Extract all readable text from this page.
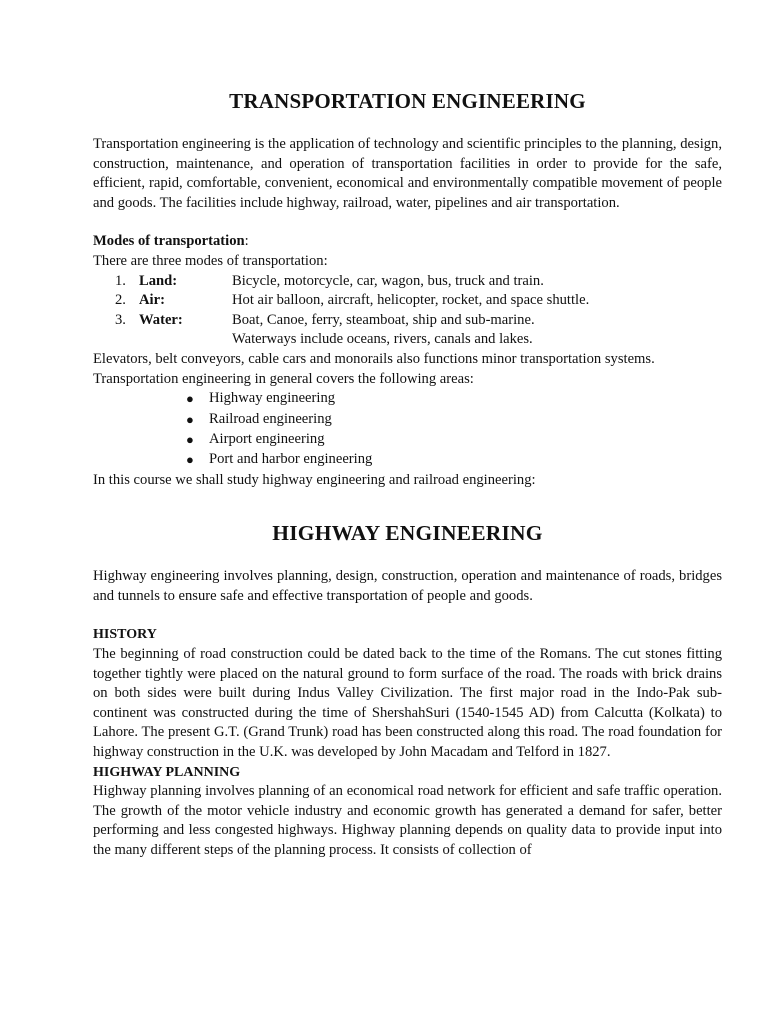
TRANSPORTATION ENGINEERING

Transportation engineering is the application of technology and scientific principles to the planning, design, construction, maintenance, and operation of transportation facilities in order to provide for the safe, efficient, rapid, comfortable, convenient, economical and environmentally compatible movement of people and goods. The facilities include highway, railroad, water, pipelines and air transportation.

Modes of transportation:
There are three modes of transportation:
1. Land:	Bicycle, motorcycle, car, wagon, bus, truck and train.
2. Air:	Hot air balloon, aircraft, helicopter, rocket, and space shuttle.
3. Water:	Boat, Canoe, ferry, steamboat, ship and sub-marine.
Waterways include oceans, rivers, canals and lakes.
Elevators, belt conveyors, cable cars and monorails also functions minor transportation systems.
Transportation engineering in general covers the following areas:
● Highway engineering
● Railroad engineering
● Airport engineering
● Port and harbor engineering
In this course we shall study highway engineering and railroad engineering:
HIGHWAY ENGINEERING

Highway engineering involves planning, design, construction, operation and maintenance of roads, bridges and tunnels to ensure safe and effective transportation of people and goods.

HISTORY

The beginning of road construction could be dated back to the time of the Romans. The cut stones fitting together tightly were placed on the natural ground to form surface of the road. The roads with brick drains on both sides were built during Indus Valley Civilization. The first major road in the Indo-Pak sub-continent was constructed during the time of ShershahSuri (1540-1545 AD) from Calcutta (Kolkata) to Lahore. The present G.T. (Grand Trunk) road has been constructed along this road. The road foundation for highway construction in the U.K. was developed by John Macadam and Telford in 1827.

HIGHWAY PLANNING

Highway planning involves planning of an economical road network for efficient and safe traffic operation. The growth of the motor vehicle industry and economic growth has generated a demand for safer, better performing and less congested highways. Highway planning depends on quality data to provide input into the many different steps of the planning process. It consists of collection of
